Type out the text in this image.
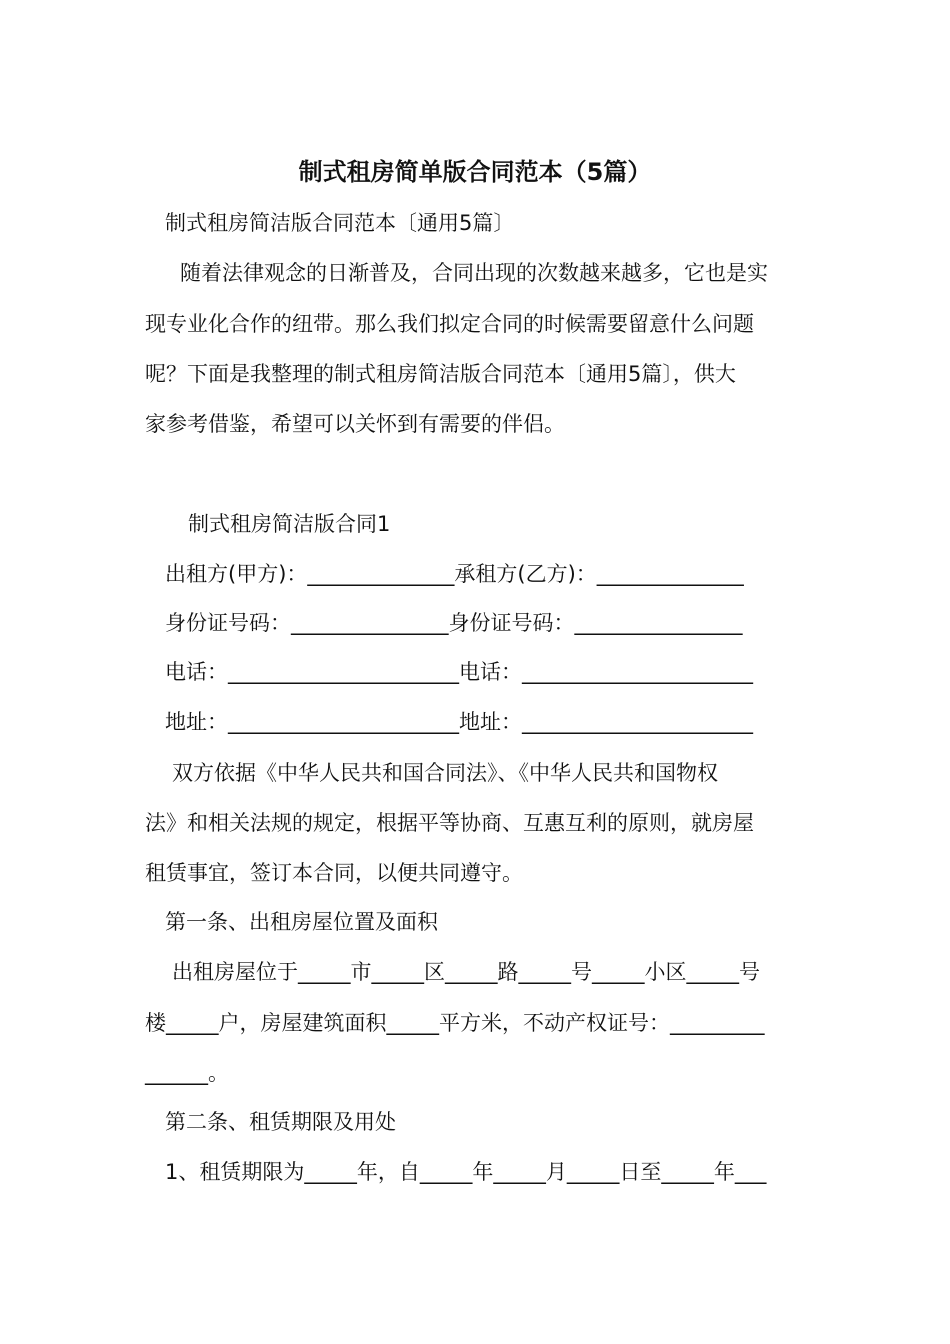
制式租房简单版合同范本（5篇）
制式租房简洁版合同范本〔通用5篇〕
随着法律观念的日渐普及，合同出现的次数越来越多，它也是实
现专业化合作的纽带。那么我们拟定合同的时候需要留意什么问题
呢？下面是我整理的制式租房简洁版合同范本〔通用5篇〕，供大
家参考借鉴，希望可以关怀到有需要的伴侣。
制式租房简洁版合同1
出租方(甲方)：______________承租方(乙方)：______________
身份证号码：_______________身份证号码：________________
电话：______________________电话：______________________
地址：______________________地址：______________________
双方依据《中华人民共和国合同法》、《中华人民共和国物权
法》和相关法规的规定，根据平等协商、互惠互利的原则，就房屋
租赁事宜，签订本合同，以便共同遵守。
第一条、出租房屋位置及面积
出租房屋位于_____市_____区_____路_____号_____小区_____号
楼_____户，房屋建筑面积_____平方米，不动产权证号：_________
______。
第二条、租赁期限及用处
1、租赁期限为_____年，自_____年_____月_____日至_____年___
